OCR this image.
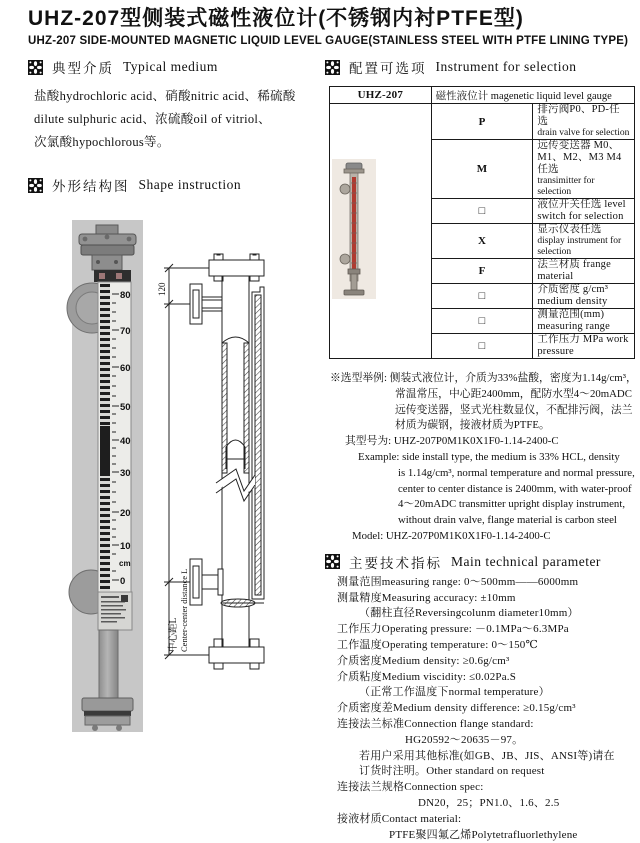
UHZ-207型侧装式磁性液位计(不锈钢内衬PTFE型)
UHZ-207 SIDE-MOUNTED MAGNETIC LIQUID LEVEL GAUGE(STAINLESS STEEL WITH PTFE LINING TYPE)
典型介质 Typical medium
盐酸hydrochloric acid、硝酸nitric acid、稀硫酸
dilute sulphuric acid、浓硫酸oil of vitriol、
次氯酸hypochlorous等。
外形结构图 Shape instruction
80
70
60
50
40
30
20
10
cm
0
120
中心距L Center-center distance L
配置可选项 Instrument for selection
UHZ-207	磁性液位计 magenetic liquid level gauge	
	P	排污阀P0、PD-任选
drain valve for selection

	M	远传变送器 M0、M1、M2、M3 M4任选
transimitter for selection

	□	液位开关任选 level switch for selection

	X	显示仪表任选
display instrument for selection

	F	法兰材质 frange material

	□	介质密度 g/cm³ medium density

	□	测量范围(mm) measuring range

	□	工作压力 MPa work pressure
※选型举例: 侧装式液位计，介质为33%盐酸，密度为1.14g/cm³，
常温常压，中心距2400mm，配防水型4～20mADC
远传变送器，竖式光柱数显仪，不配排污阀，法兰
材质为碳钢，接液材质为PTFE。
其型号为: UHZ-207P0M1K0X1F0-1.14-2400-C
Example: side install type, the medium is 33% HCL, density
is 1.14g/cm³, normal temperature and normal pressure,
center to center distance is 2400mm, with water-proof
4～20mADC transmitter upright display instrument,
without drain valve, flange material is carbon steel
Model: UHZ-207P0M1K0X1F0-1.14-2400-C
主要技术指标 Main technical parameter
测量范围measuring range: 0～500mm——6000mm
测量精度Measuring accuracy: ±10mm
（翻柱直径Reversingcolunm diameter10mm）
工作压力Operating pressure: －0.1MPa～6.3MPa
工作温度Operating temperature: 0～150℃
介质密度Medium density: ≥0.6g/cm³
介质粘度Medium viscidity: ≤0.02Pa.S
（正常工作温度下normal temperature）
介质密度差Medium density difference: ≥0.15g/cm³
连接法兰标准Connection flange standard:
HG20592～20635－97。
若用户采用其他标准(如GB、JB、JIS、ANSI等)请在
订货时注明。Other standard on request
连接法兰规格Connection spec:
DN20，25；PN1.0、1.6、2.5
接液材质Contact material:
PTFE聚四氟乙烯Polytetrafluorlethylene
